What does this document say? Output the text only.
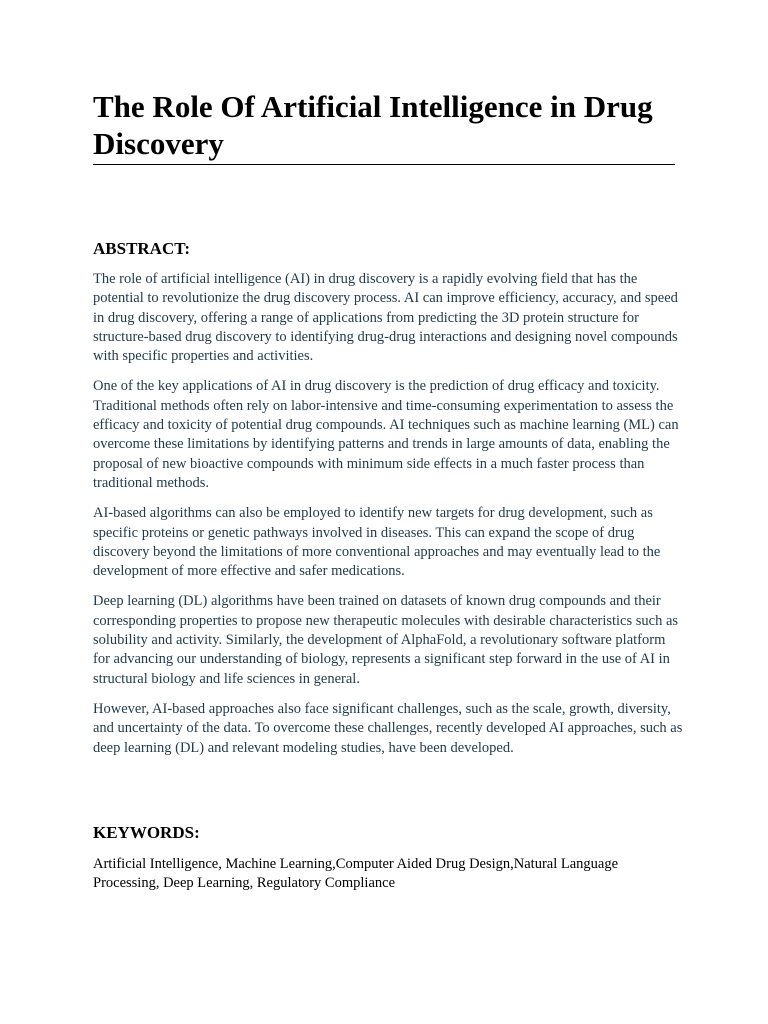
The Role Of Artificial Intelligence in Drug Discovery
ABSTRACT:

The role of artificial intelligence (AI) in drug discovery is a rapidly evolving field that has the potential to revolutionize the drug discovery process. AI can improve efficiency, accuracy, and speed in drug discovery, offering a range of applications from predicting the 3D protein structure for structure-based drug discovery to identifying drug-drug interactions and designing novel compounds with specific properties and activities.

One of the key applications of AI in drug discovery is the prediction of drug efficacy and toxicity. Traditional methods often rely on labor-intensive and time-consuming experimentation to assess the efficacy and toxicity of potential drug compounds. AI techniques such as machine learning (ML) can overcome these limitations by identifying patterns and trends in large amounts of data, enabling the proposal of new bioactive compounds with minimum side effects in a much faster process than traditional methods.

AI-based algorithms can also be employed to identify new targets for drug development, such as specific proteins or genetic pathways involved in diseases. This can expand the scope of drug discovery beyond the limitations of more conventional approaches and may eventually lead to the development of more effective and safer medications.

Deep learning (DL) algorithms have been trained on datasets of known drug compounds and their corresponding properties to propose new therapeutic molecules with desirable characteristics such as solubility and activity. Similarly, the development of AlphaFold, a revolutionary software platform for advancing our understanding of biology, represents a significant step forward in the use of AI in structural biology and life sciences in general.

However, AI-based approaches also face significant challenges, such as the scale, growth, diversity, and uncertainty of the data. To overcome these challenges, recently developed AI approaches, such as deep learning (DL) and relevant modeling studies, have been developed.

KEYWORDS:

Artificial Intelligence, Machine Learning,Computer Aided Drug Design,Natural Language Processing, Deep Learning, Regulatory Compliance
